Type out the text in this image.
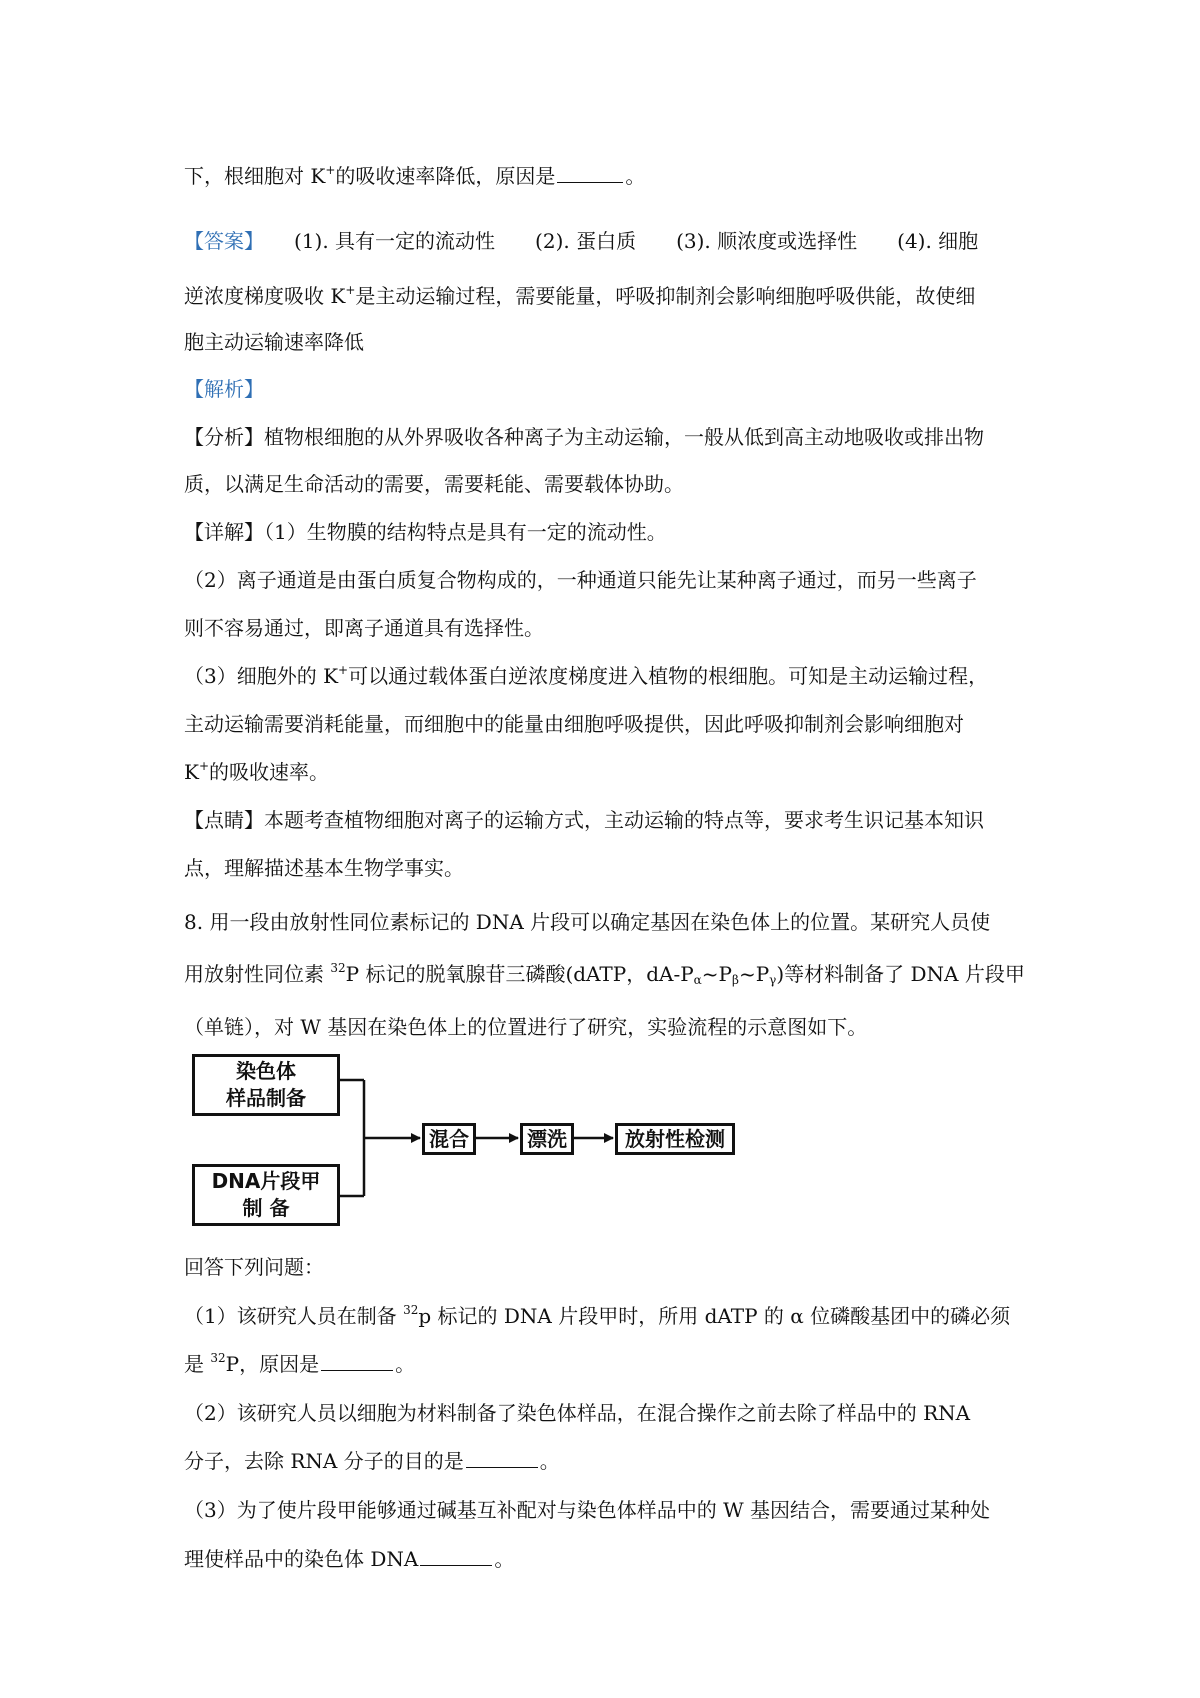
下，根细胞对 K+的吸收速率降低，原因是	。
【答案】 (1). 具有一定的流动性 (2). 蛋白质 (3). 顺浓度或选择性 (4). 细胞
逆浓度梯度吸收 K+是主动运输过程，需要能量，呼吸抑制剂会影响细胞呼吸供能，故使细
胞主动运输速率降低
【解析】
【分析】植物根细胞的从外界吸收各种离子为主动运输，一般从低到高主动地吸收或排出物
质，以满足生命活动的需要，需要耗能、需要载体协助。
【详解】（1）生物膜的结构特点是具有一定的流动性。
（2）离子通道是由蛋白质复合物构成的，一种通道只能先让某种离子通过，而另一些离子
则不容易通过，即离子通道具有选择性。
（3）细胞外的 K+可以通过载体蛋白逆浓度梯度进入植物的根细胞。可知是主动运输过程，
主动运输需要消耗能量，而细胞中的能量由细胞呼吸提供，因此呼吸抑制剂会影响细胞对
K+的吸收速率。
【点睛】本题考查植物细胞对离子的运输方式，主动运输的特点等，要求考生识记基本知识
点，理解描述基本生物学事实。
8. 用一段由放射性同位素标记的 DNA 片段可以确定基因在染色体上的位置。某研究人员使
用放射性同位素 $^{32}$P 标记的脱氧腺苷三磷酸(dATP，$dA-P_\alpha\sim P_\beta\sim P_\gamma$)等材料制备了 DNA 片段甲
（单链），对 W 基因在染色体上的位置进行了研究，实验流程的示意图如下。
染色体
样品制备
DNA片段甲
制 备
混合	漂洗	放射性检测
回答下列问题：
（1）该研究人员在制备 $^{32}$p 标记的 DNA 片段甲时，所用 dATP 的 α 位磷酸基团中的磷必须
是 $^{32}$P，原因是	。
（2）该研究人员以细胞为材料制备了染色体样品，在混合操作之前去除了样品中的 RNA
分子，去除 RNA 分子的目的是	。
（3）为了使片段甲能够通过碱基互补配对与染色体样品中的 W 基因结合，需要通过某种处
理使样品中的染色体 DNA	。
